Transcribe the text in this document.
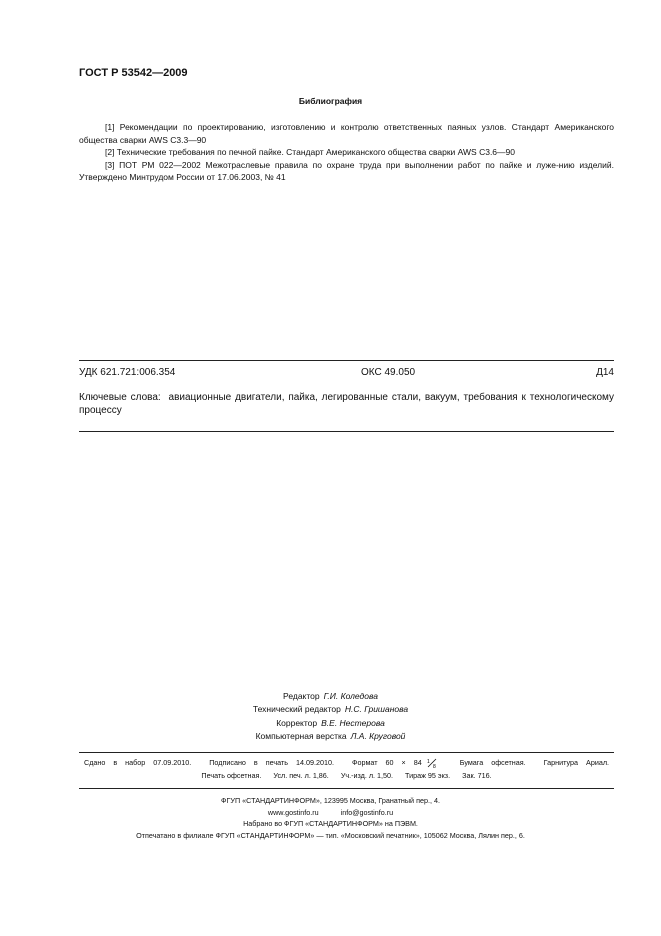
ГОСТ Р 53542—2009
Библиография

[1] Рекомендации по проектированию, изготовлению и контролю ответственных паяных узлов. Стандарт Американского общества сварки AWS C3.3—90

[2] Технические требования по печной пайке. Стандарт Американского общества сварки AWS C3.6—90

[3] ПОТ РМ 022—2002 Межотраслевые правила по охране труда при выполнении работ по пайке и луже-нию изделий. Утверждено Минтрудом России от 17.06.2003, № 41

УДК 621.721:006.354	ОКС 49.050	Д14
Ключевые слова: авиационные двигатели, пайка, легированные стали, вакуум, требования к технологическому процессу
Редактор Г.И. Коледова
Технический редактор Н.С. Гришанова
Корректор В.Е. Нестерова
Компьютерная верстка Л.А. Круговой
Сдано в набор 07.09.2010.	Подписано в печать 14.09.2010.	Формат 60 × 84 1
8
Бумага офсетная.	Гарнитура Ариал.
Печать офсетная. Усл. печ. л. 1,86. Уч.-изд. л. 1,50. Тираж 95 экз. Зак. 716.
ФГУП «СТАНДАРТИНФОРМ», 123995 Москва, Гранатный пер., 4.
www.gostinfo.ru	info@gostinfo.ru
Набрано во ФГУП «СТАНДАРТИНФОРМ» на ПЭВМ.
Отпечатано в филиале ФГУП «СТАНДАРТИНФОРМ» — тип. «Московский печатник», 105062 Москва, Лялин пер., 6.
